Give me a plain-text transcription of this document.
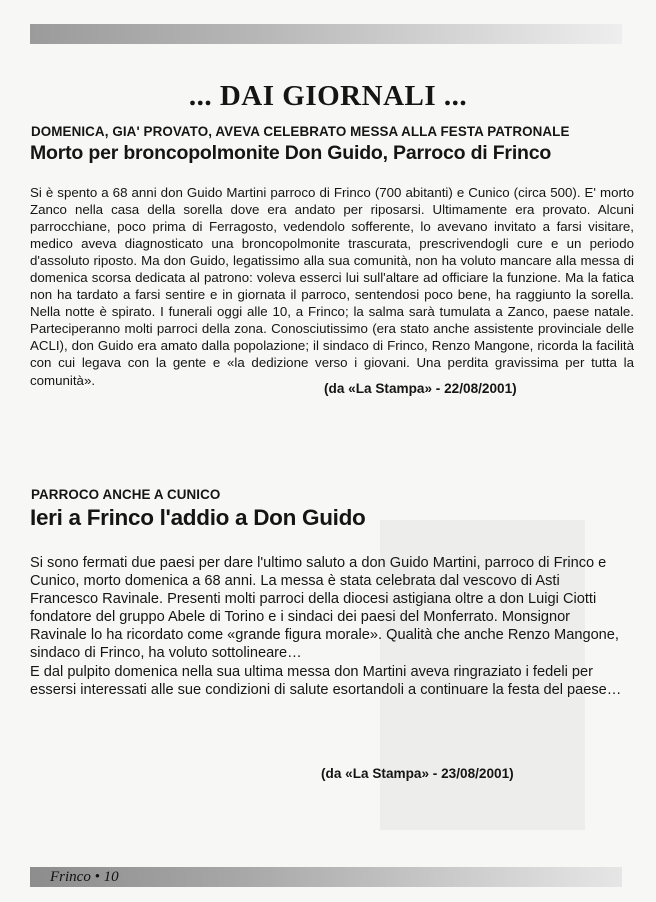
... DAI GIORNALI ...
DOMENICA, GIA' PROVATO, AVEVA CELEBRATO MESSA ALLA FESTA PATRONALE
Morto per broncopolmonite Don Guido, Parroco di Frinco

Si è spento a 68 anni don Guido Martini parroco di Frinco (700 abitanti) e Cunico (circa 500). E' morto Zanco nella casa della sorella dove era andato per riposarsi. Ultimamente era provato. Alcuni parrocchiane, poco prima di Ferragosto, vedendolo sofferente, lo avevano invitato a farsi visitare, medico aveva diagnosticato una broncopolmonite trascurata, prescrivendogli cure e un periodo d'assoluto riposto. Ma don Guido, legatissimo alla sua comunità, non ha voluto mancare alla messa di domenica scorsa dedicata al patrono: voleva esserci lui sull'altare ad officiare la funzione. Ma la fatica non ha tardato a farsi sentire e in giornata il parroco, sentendosi poco bene, ha raggiunto la sorella. Nella notte è spirato. I funerali oggi alle 10, a Frinco; la salma sarà tumulata a Zanco, paese natale. Parteciperanno molti parroci della zona. Conosciutissimo (era stato anche assistente provinciale delle ACLI), don Guido era amato dalla popolazione; il sindaco di Frinco, Renzo Mangone, ricorda la facilità con cui legava con la gente e «la dedizione verso i giovani. Una perdita gravissima per tutta la comunità».

(da «La Stampa» - 22/08/2001)
PARROCO ANCHE A CUNICO
Ieri a Frinco l'addio a Don Guido

Si sono fermati due paesi per dare l'ultimo saluto a don Guido Martini, parroco di Frinco e Cunico, morto domenica a 68 anni. La messa è stata celebrata dal vescovo di Asti Francesco Ravinale. Presenti molti parroci della diocesi astigiana oltre a don Luigi Ciotti fondatore del gruppo Abele di Torino e i sindaci dei paesi del Monferrato. Monsignor Ravinale lo ha ricordato come «grande figura morale». Qualità che anche Renzo Mangone, sindaco di Frinco, ha voluto sottolineare…

E dal pulpito domenica nella sua ultima messa don Martini aveva ringraziato i fedeli per essersi interessati alle sue condizioni di salute esortandoli a continuare la festa del paese…

(da «La Stampa» - 23/08/2001)
Frinco • 10
